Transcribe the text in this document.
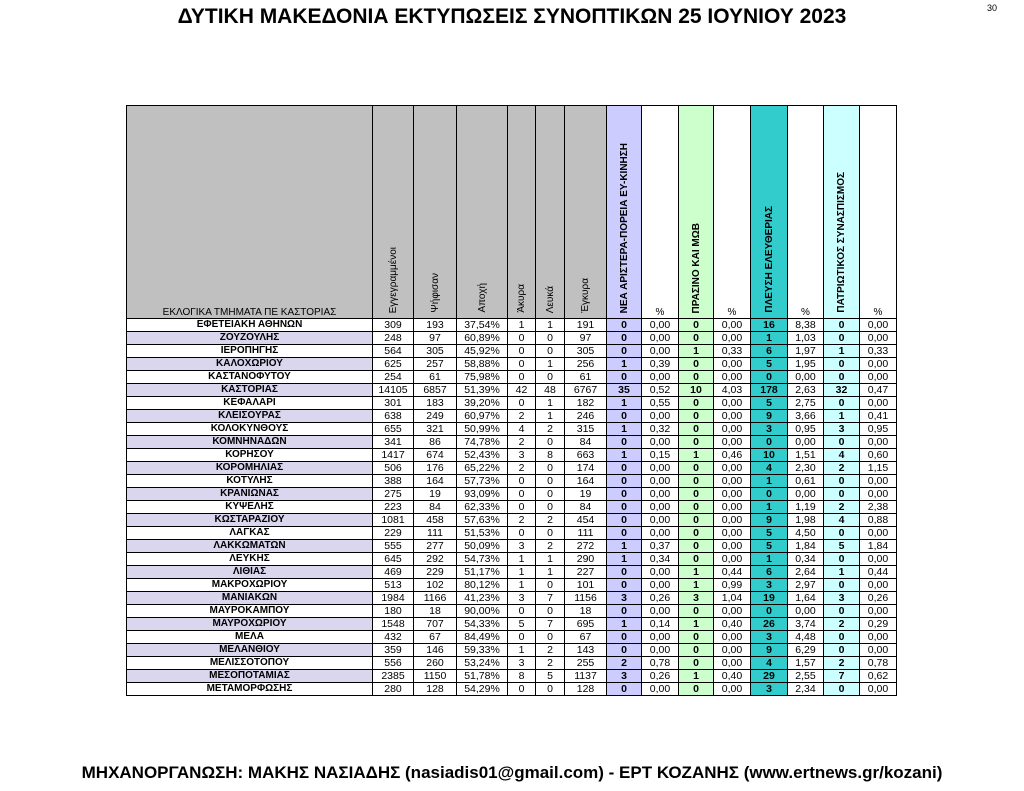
ΔΥΤΙΚΗ ΜΑΚΕΔΟΝΙΑ ΕΚΤΥΠΩΣΕΙΣ ΣΥΝΟΠΤΙΚΩΝ 25 ΙΟΥΝΙΟΥ 2023	30
ΕΚΛΟΓΙΚΑ ΤΜΗΜΑΤΑ ΠΕ ΚΑΣΤΟΡΙΑΣ	Εγγεγραμμένοι	Ψήφισαν	Αποχή	Άκυρα	Λευκά	Έγκυρα	ΝΕΑ ΑΡΙΣΤΕΡΑ-ΠΟΡΕΙΑ ΕΥ-ΚΙΝΗΣΗ	%	ΠΡΑΣΙΝΟ ΚΑΙ ΜΩΒ	%	ΠΛΕΥΣΗ ΕΛΕΥΘΕΡΙΑΣ	%	ΠΑΤΡΙΩΤΙΚΟΣ ΣΥΝΑΣΠΙΣΜΟΣ	%
ΕΦΕΤΕΙΑΚΗ ΑΘΗΝΩΝ	309	193	37,54%	1	1	191	0	0,00	0	0,00	16	8,38	0	0,00
ΖΟΥΖΟΥΛΗΣ	248	97	60,89%	0	0	97	0	0,00	0	0,00	1	1,03	0	0,00
ΙΕΡΟΠΗΓΗΣ	564	305	45,92%	0	0	305	0	0,00	1	0,33	6	1,97	1	0,33
ΚΑΛΟΧΩΡΙΟΥ	625	257	58,88%	0	1	256	1	0,39	0	0,00	5	1,95	0	0,00
ΚΑΣΤΑΝΟΦΥΤΟΥ	254	61	75,98%	0	0	61	0	0,00	0	0,00	0	0,00	0	0,00
ΚΑΣΤΟΡΙΑΣ	14105	6857	51,39%	42	48	6767	35	0,52	10	4,03	178	2,63	32	0,47
ΚΕΦΑΛΑΡΙ	301	183	39,20%	0	1	182	1	0,55	0	0,00	5	2,75	0	0,00
ΚΛΕΙΣΟΥΡΑΣ	638	249	60,97%	2	1	246	0	0,00	0	0,00	9	3,66	1	0,41
ΚΟΛΟΚΥΝΘΟΥΣ	655	321	50,99%	4	2	315	1	0,32	0	0,00	3	0,95	3	0,95
ΚΟΜΝΗΝΑΔΩΝ	341	86	74,78%	2	0	84	0	0,00	0	0,00	0	0,00	0	0,00
ΚΟΡΗΣΟΥ	1417	674	52,43%	3	8	663	1	0,15	1	0,46	10	1,51	4	0,60
ΚΟΡΟΜΗΛΙΑΣ	506	176	65,22%	2	0	174	0	0,00	0	0,00	4	2,30	2	1,15
ΚΟΤΥΛΗΣ	388	164	57,73%	0	0	164	0	0,00	0	0,00	1	0,61	0	0,00
ΚΡΑΝΙΩΝΑΣ	275	19	93,09%	0	0	19	0	0,00	0	0,00	0	0,00	0	0,00
ΚΥΨΕΛΗΣ	223	84	62,33%	0	0	84	0	0,00	0	0,00	1	1,19	2	2,38
ΚΩΣΤΑΡΑΖΙΟΥ	1081	458	57,63%	2	2	454	0	0,00	0	0,00	9	1,98	4	0,88
ΛΑΓΚΑΣ	229	111	51,53%	0	0	111	0	0,00	0	0,00	5	4,50	0	0,00
ΛΑΚΚΩΜΑΤΩΝ	555	277	50,09%	3	2	272	1	0,37	0	0,00	5	1,84	5	1,84
ΛΕΥΚΗΣ	645	292	54,73%	1	1	290	1	0,34	0	0,00	1	0,34	0	0,00
ΛΙΘΙΑΣ	469	229	51,17%	1	1	227	0	0,00	1	0,44	6	2,64	1	0,44
ΜΑΚΡΟΧΩΡΙΟΥ	513	102	80,12%	1	0	101	0	0,00	1	0,99	3	2,97	0	0,00
ΜΑΝΙΑΚΩΝ	1984	1166	41,23%	3	7	1156	3	0,26	3	1,04	19	1,64	3	0,26
ΜΑΥΡΟΚΑΜΠΟΥ	180	18	90,00%	0	0	18	0	0,00	0	0,00	0	0,00	0	0,00
ΜΑΥΡΟΧΩΡΙΟΥ	1548	707	54,33%	5	7	695	1	0,14	1	0,40	26	3,74	2	0,29
ΜΕΛΑ	432	67	84,49%	0	0	67	0	0,00	0	0,00	3	4,48	0	0,00
ΜΕΛΑΝΘΙΟΥ	359	146	59,33%	1	2	143	0	0,00	0	0,00	9	6,29	0	0,00
ΜΕΛΙΣΣΟΤΟΠΟΥ	556	260	53,24%	3	2	255	2	0,78	0	0,00	4	1,57	2	0,78
ΜΕΣΟΠΟΤΑΜΙΑΣ	2385	1150	51,78%	8	5	1137	3	0,26	1	0,40	29	2,55	7	0,62
ΜΕΤΑΜΟΡΦΩΣΗΣ	280	128	54,29%	0	0	128	0	0,00	0	0,00	3	2,34	0	0,00
ΜΗΧΑΝΟΡΓΑΝΩΣΗ: ΜΑΚΗΣ ΝΑΣΙΑΔΗΣ (nasiadis01@gmail.com) - ΕΡΤ ΚΟΖΑΝΗΣ (www.ertnews.gr/kozani)
